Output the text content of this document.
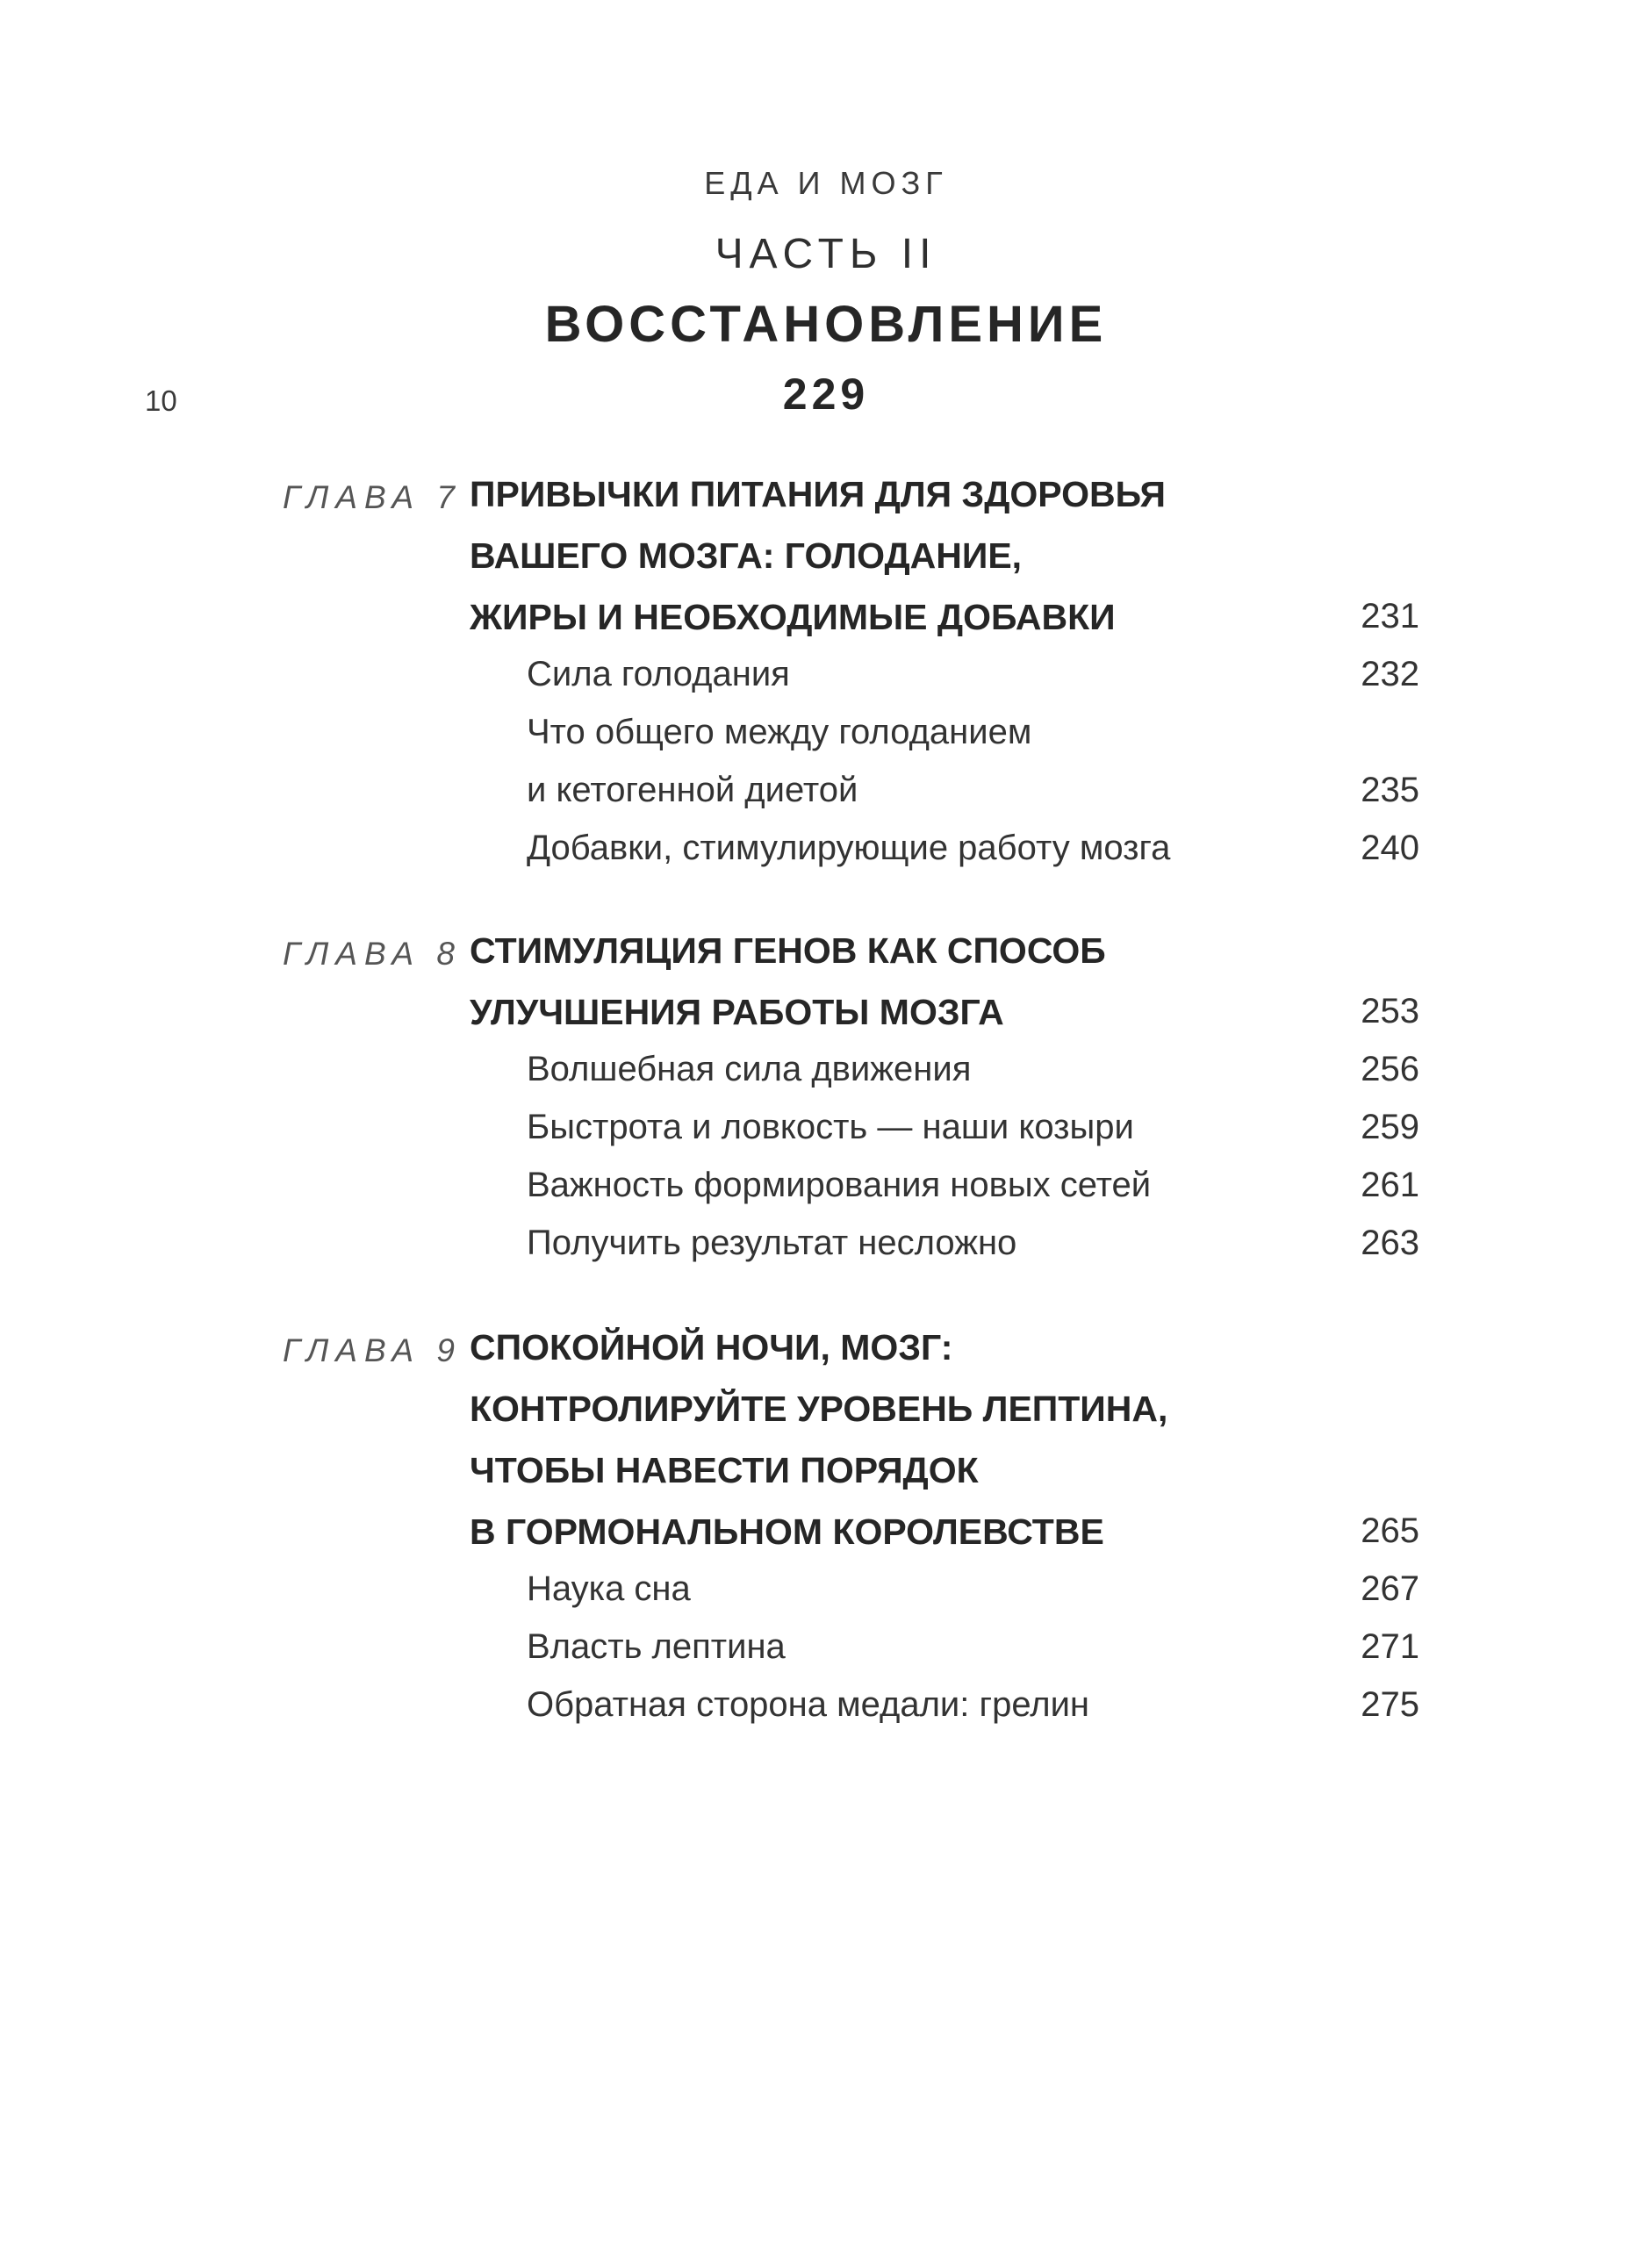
ЕДА И МОЗГ
10
ЧАСТЬ II
ВОССТАНОВЛЕНИЕ
229
ГЛАВА 7 ПРИВЫЧКИ ПИТАНИЯ ДЛЯ ЗДОРОВЬЯ
ВАШЕГО МОЗГА: ГОЛОДАНИЕ,
ЖИРЫ И НЕОБХОДИМЫЕ ДОБАВКИ	231
Сила голодания	232
Что общего между голоданием
и кетогенной диетой	235
Добавки, стимулирующие работу мозга	240
ГЛАВА 8 СТИМУЛЯЦИЯ ГЕНОВ КАК СПОСОБ
УЛУЧШЕНИЯ РАБОТЫ МОЗГА	253
Волшебная сила движения	256
Быстрота и ловкость — наши козыри	259
Важность формирования новых сетей	261
Получить результат несложно	263
ГЛАВА 9 СПОКОЙНОЙ НОЧИ, МОЗГ:
КОНТРОЛИРУЙТЕ УРОВЕНЬ ЛЕПТИНА,
ЧТОБЫ НАВЕСТИ ПОРЯДОК
В ГОРМОНАЛЬНОМ КОРОЛЕВСТВЕ	265
Наука сна	267
Власть лептина	271
Обратная сторона медали: грелин	275
